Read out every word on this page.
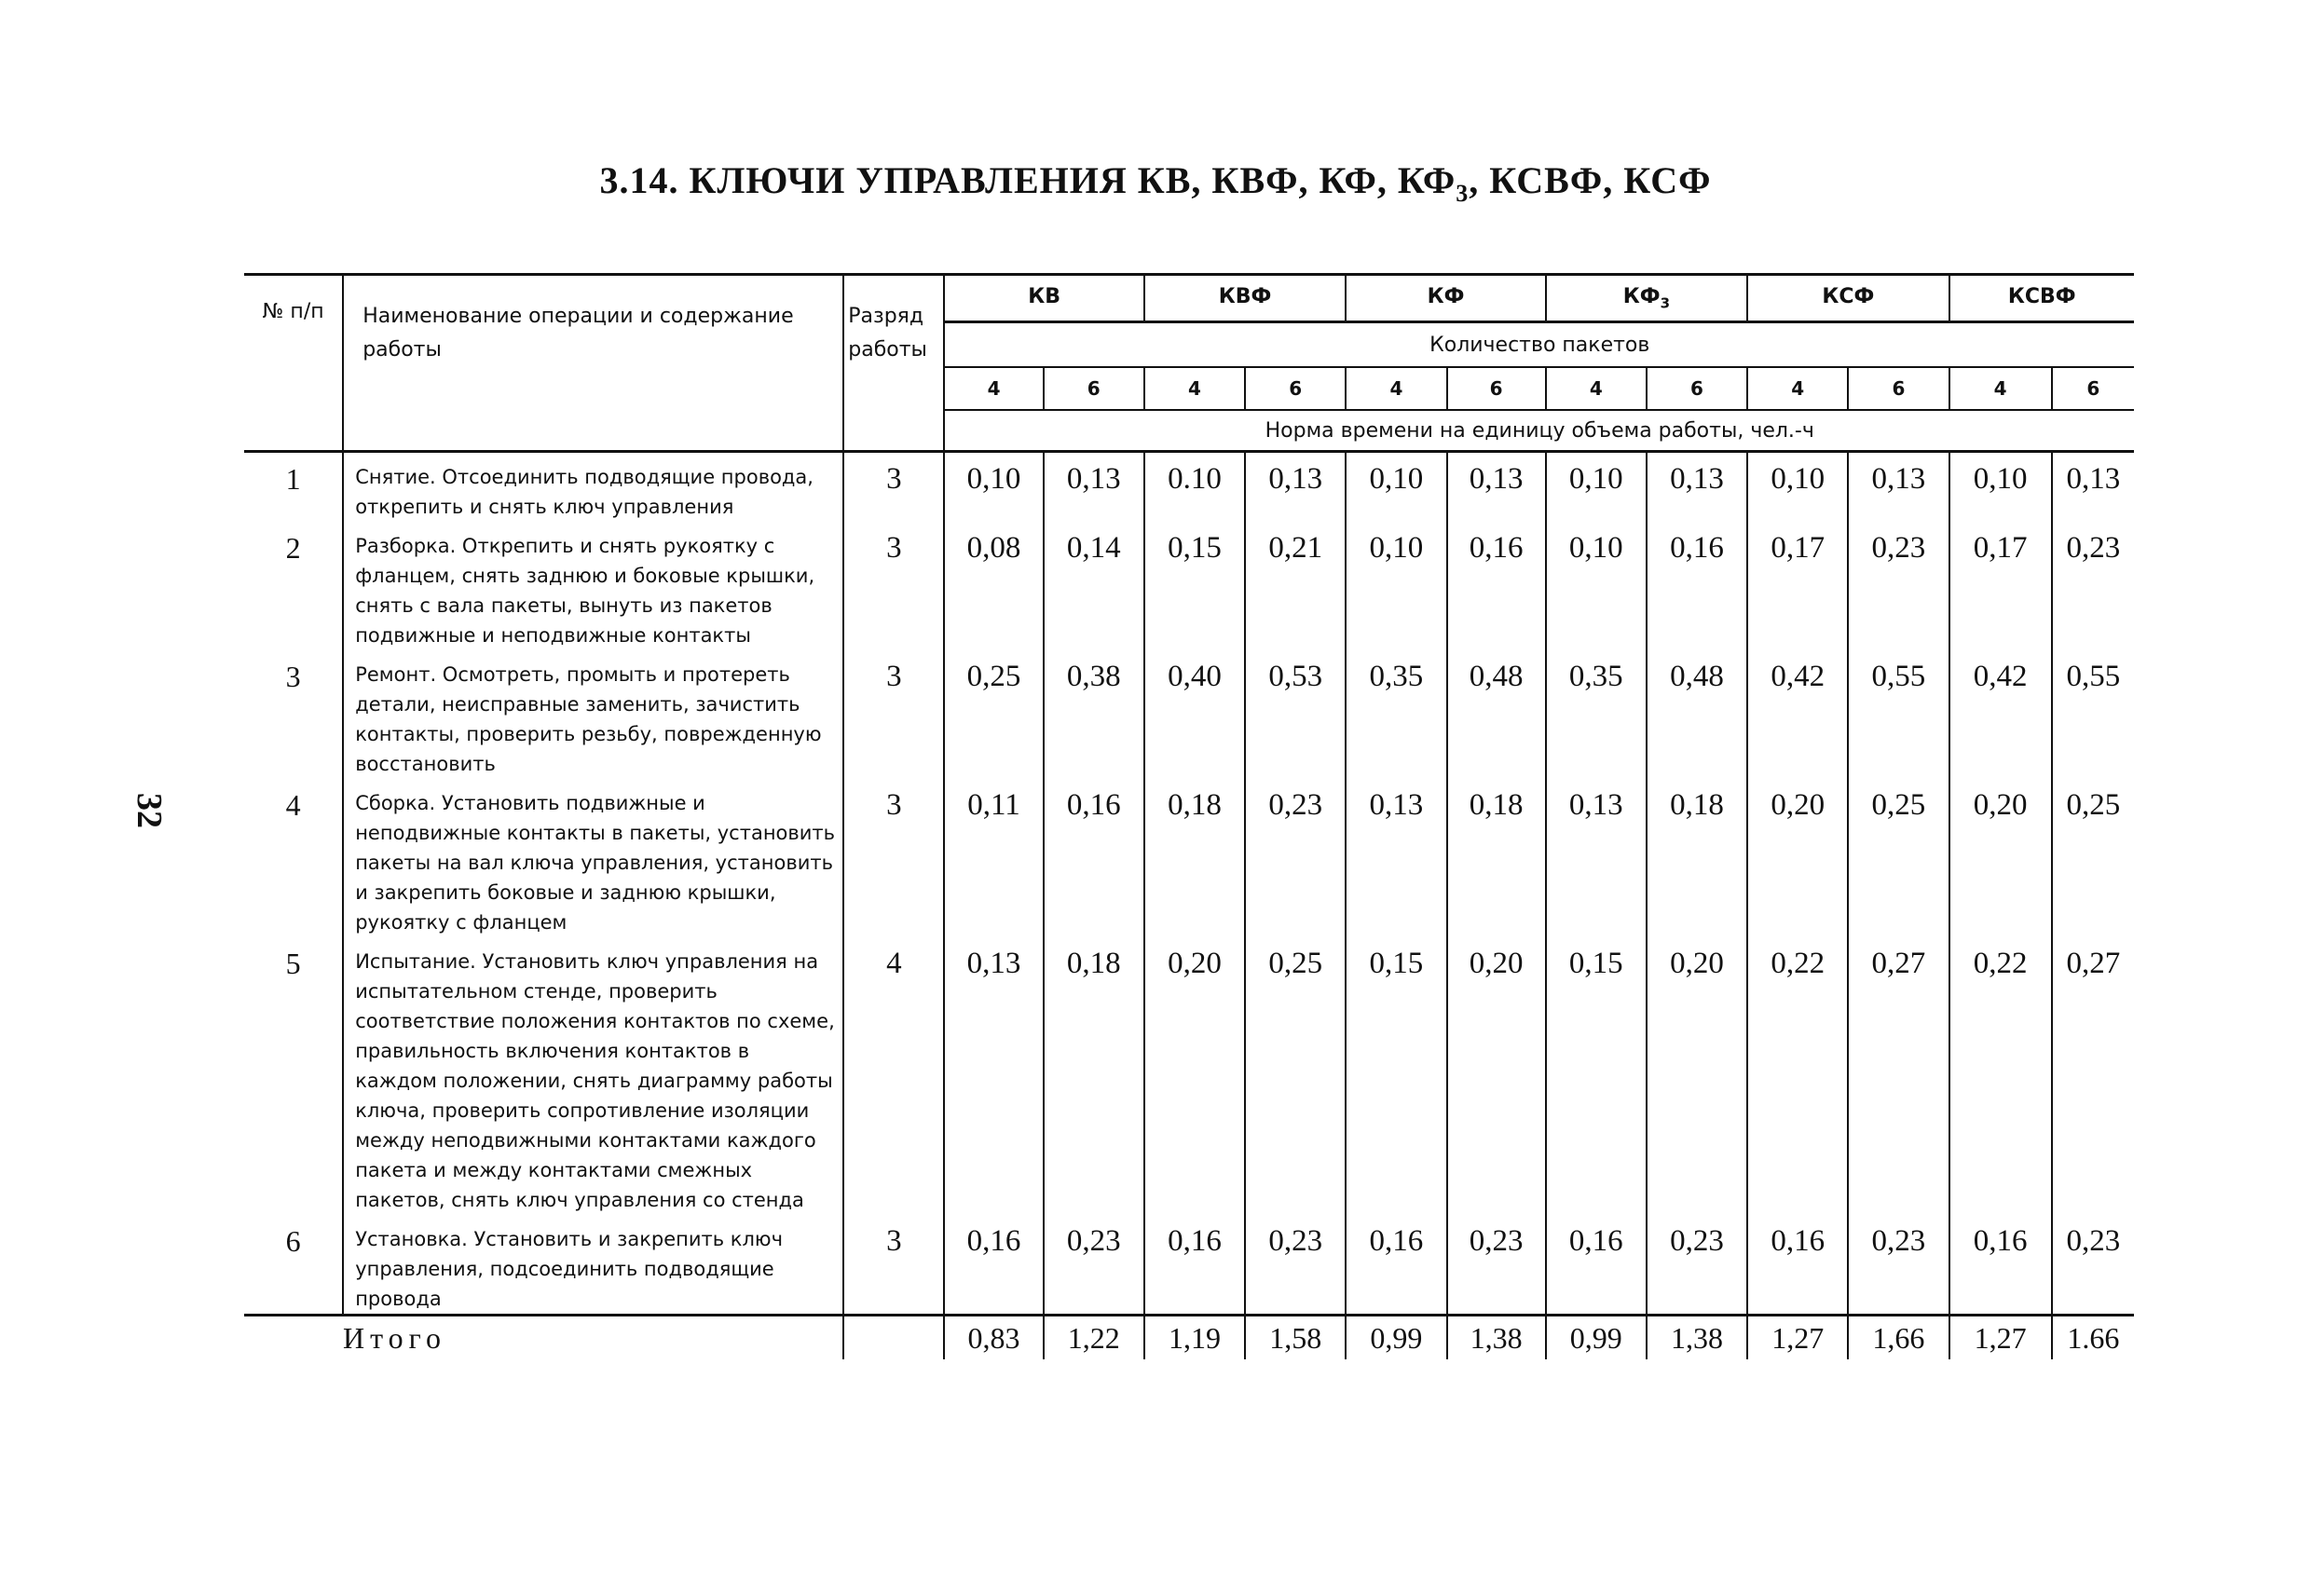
3.14. КЛЮЧИ УПРАВЛЕНИЯ КВ, КВФ, КФ, $КФ_3$, КСВФ, КСФ
32
№ п/п	Наименование операции и содержание работы	Разряд работы	КВ		КВФ		КФ		$КФ_3$		КСФ		КСВФ	
			Количество пакетов											
			4	6	4	6	4	6	4	6	4	6	4	6
			Норма времени на единицу объема работы, чел.-ч											
1	Снятие. Отсоединить подводящие провода, открепить и снять ключ управления	3	0,10	0,13	0.10	0,13	0,10	0,13	0,10	0,13	0,10	0,13	0,10	0,13
2	Разборка. Открепить и снять рукоятку с фланцем, снять заднюю и боковые крышки, снять с вала пакеты, вынуть из пакетов подвижные и неподвижные контакты	3	0,08	0,14	0,15	0,21	0,10	0,16	0,10	0,16	0,17	0,23	0,17	0,23
3	Ремонт. Осмотреть, промыть и протереть детали, неисправные заменить, зачистить контакты, проверить резьбу, поврежденную восстановить	3	0,25	0,38	0,40	0,53	0,35	0,48	0,35	0,48	0,42	0,55	0,42	0,55
4	Сборка. Установить подвижные и неподвижные контакты в пакеты, установить пакеты на вал ключа управления, установить и закрепить боковые и заднюю крышки, рукоятку с фланцем	3	0,11	0,16	0,18	0,23	0,13	0,18	0,13	0,18	0,20	0,25	0,20	0,25
5	Испытание. Установить ключ управления на испытательном стенде, проверить соответствие положения контактов по схеме, правильность включения контактов в каждом положении, снять диаграмму работы ключа, проверить сопротивление изоляции между неподвижными контактами каждого пакета и между контактами смежных пакетов, снять ключ управления со стенда	4	0,13	0,18	0,20	0,25	0,15	0,20	0,15	0,20	0,22	0,27	0,22	0,27
6	Установка. Установить и закрепить ключ управления, подсоединить подводящие провода	3	0,16	0,23	0,16	0,23	0,16	0,23	0,16	0,23	0,16	0,23	0,16	0,23
Итого			0,83	1,22	1,19	1,58	0,99	1,38	0,99	1,38	1,27	1,66	1,27	1.66
